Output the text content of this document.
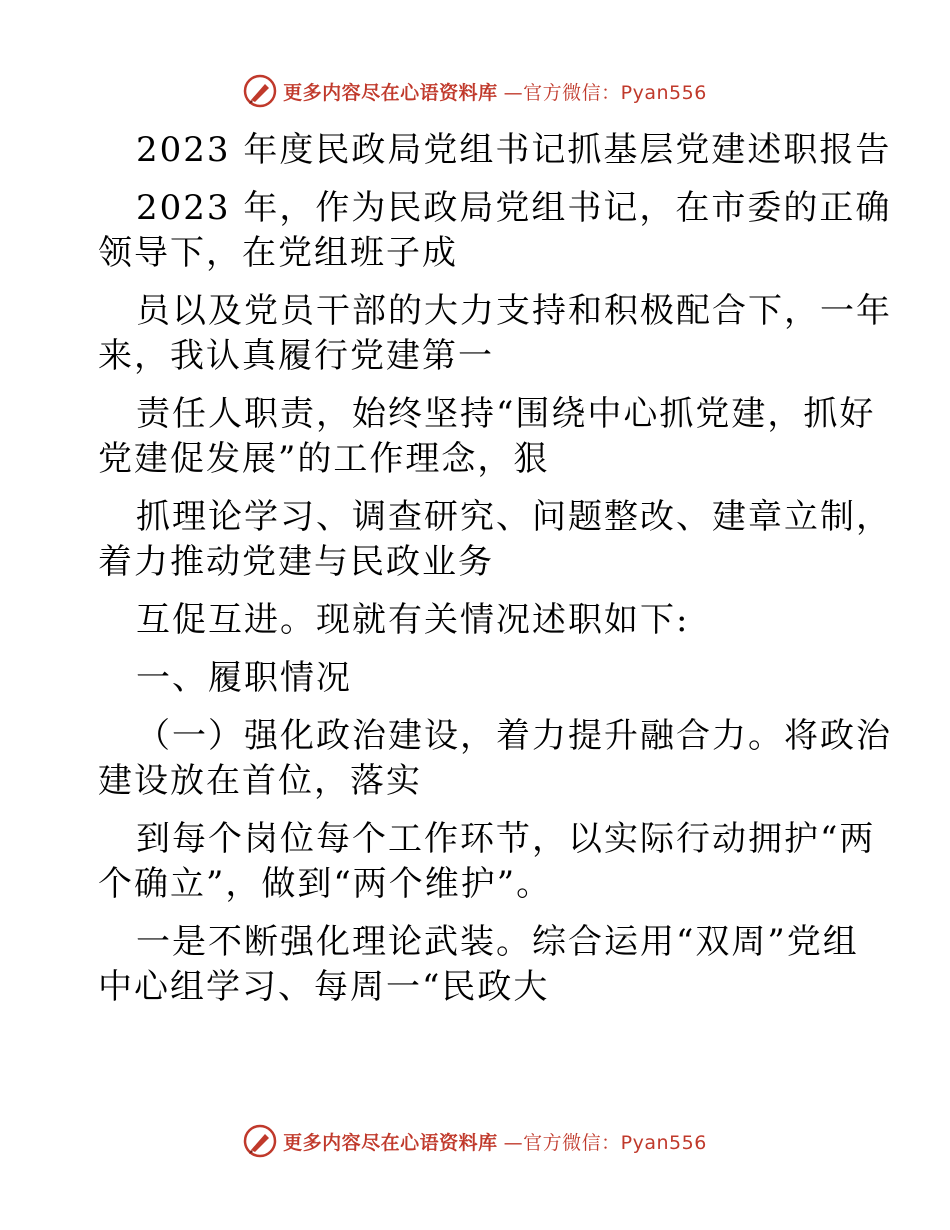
更多内容尽在心语资料库 —官方微信：Pyan556

2023 年度民政局党组书记抓基层党建述职报告

2023 年，作为民政局党组书记，在市委的正确

领导下，在党组班子成

员以及党员干部的大力支持和积极配合下，一年

来，我认真履行党建第一

责任人职责，始终坚持“围绕中心抓党建，抓好

党建促发展”的工作理念，狠

抓理论学习、调查研究、问题整改、建章立制，

着力推动党建与民政业务

互促互进。现就有关情况述职如下:

一、履职情况

（一）强化政治建设，着力提升融合力。将政治

建设放在首位，落实

到每个岗位每个工作环节，以实际行动拥护“两

个确立”，做到“两个维护”。

一是不断强化理论武装。综合运用“双周”党组

中心组学习、每周一“民政大

更多内容尽在心语资料库 —官方微信：Pyan556
